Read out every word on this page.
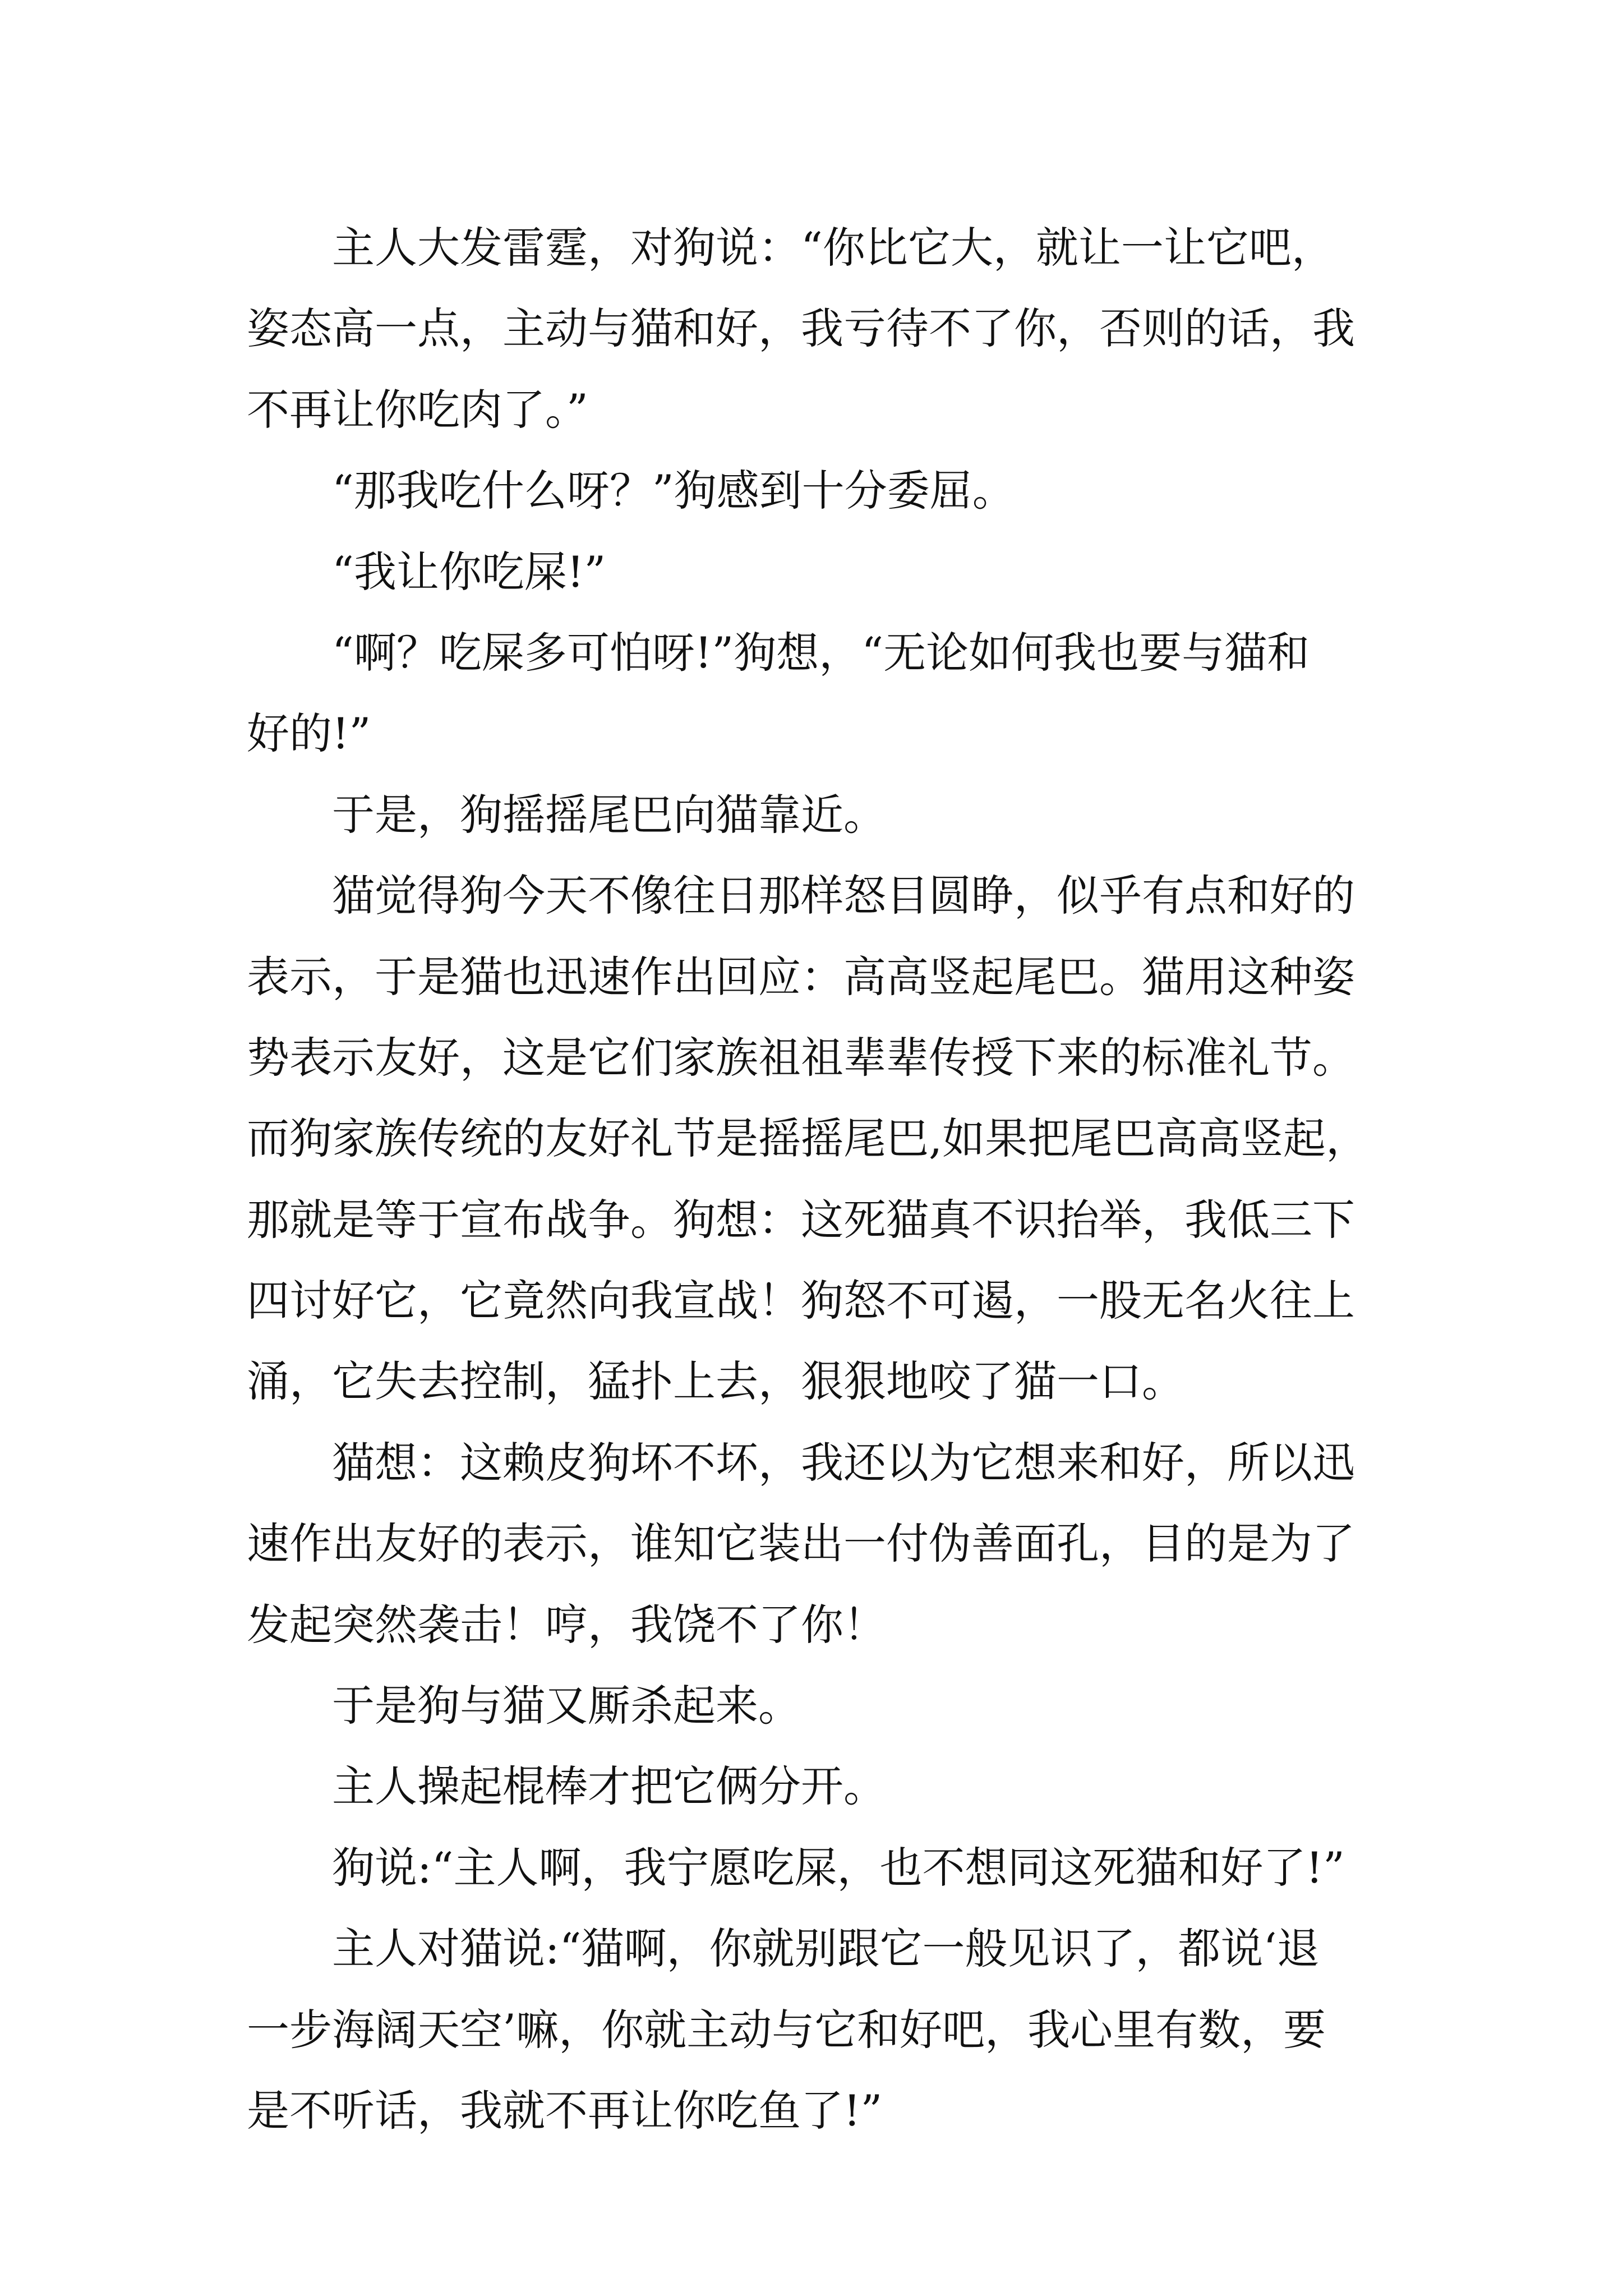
主人大发雷霆，对狗说：“你比它大，就让一让它吧，
姿态高一点，主动与猫和好，我亏待不了你，否则的话，我
不再让你吃肉了。”
“那我吃什么呀？”狗感到十分委屈。
“我让你吃屎!”
“啊？吃屎多可怕呀!”狗想，“无论如何我也要与猫和
好的!”
于是，狗摇摇尾巴向猫靠近。
猫觉得狗今天不像往日那样怒目圆睁，似乎有点和好的
表示，于是猫也迅速作出回应：高高竖起尾巴。猫用这种姿
势表示友好，这是它们家族祖祖辈辈传授下来的标准礼节。
而狗家族传统的友好礼节是摇摇尾巴,如果把尾巴高高竖起，
那就是等于宣布战争。狗想：这死猫真不识抬举，我低三下
四讨好它，它竟然向我宣战！狗怒不可遏，一股无名火往上
涌，它失去控制，猛扑上去，狠狠地咬了猫一口。
猫想：这赖皮狗坏不坏，我还以为它想来和好，所以迅
速作出友好的表示，谁知它装出一付伪善面孔，目的是为了
发起突然袭击！哼，我饶不了你！
于是狗与猫又厮杀起来。
主人操起棍棒才把它俩分开。
狗说:“主人啊，我宁愿吃屎，也不想同这死猫和好了!”
主人对猫说:“猫啊，你就别跟它一般见识了，都说‘退
一步海阔天空’嘛，你就主动与它和好吧，我心里有数，要
是不听话，我就不再让你吃鱼了!”
